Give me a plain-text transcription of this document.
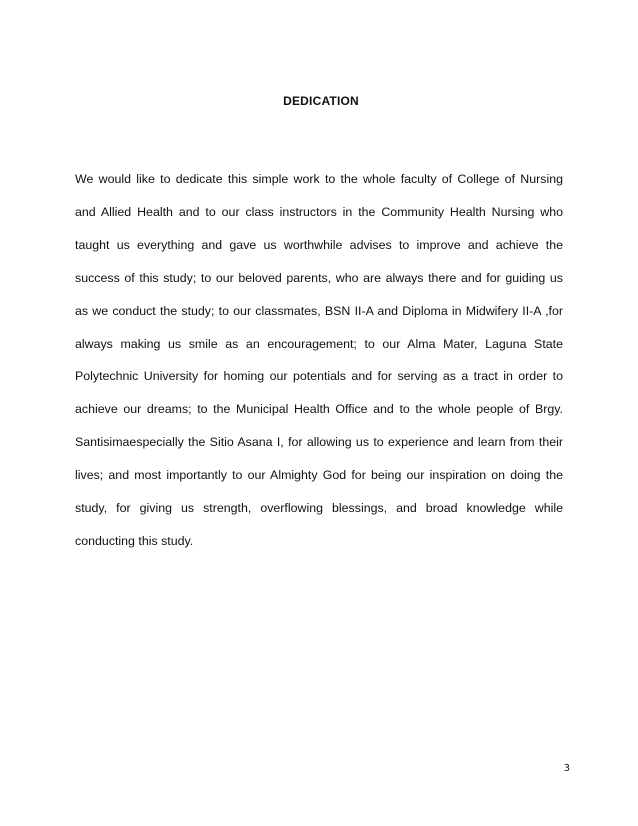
DEDICATION

We would like to dedicate this simple work to the whole faculty of College of Nursing
and Allied Health and to our class instructors in the Community Health Nursing who
taught us everything and gave us worthwhile advises to improve and achieve the
success of this study; to our beloved parents, who are always there and for guiding us
as we conduct the study; to our classmates, BSN II-A and Diploma in Midwifery II-A ,for
always making us smile as an encouragement; to our Alma Mater, Laguna State
Polytechnic University for homing our potentials and for serving as a tract in order to
achieve our dreams; to the Municipal Health Office and to the whole people of Brgy.
Santisimaespecially the Sitio Asana I, for allowing us to experience and learn from their
lives; and most importantly to our Almighty God for being our inspiration on doing the
study, for giving us strength, overflowing blessings, and broad knowledge while
conducting this study.

3
